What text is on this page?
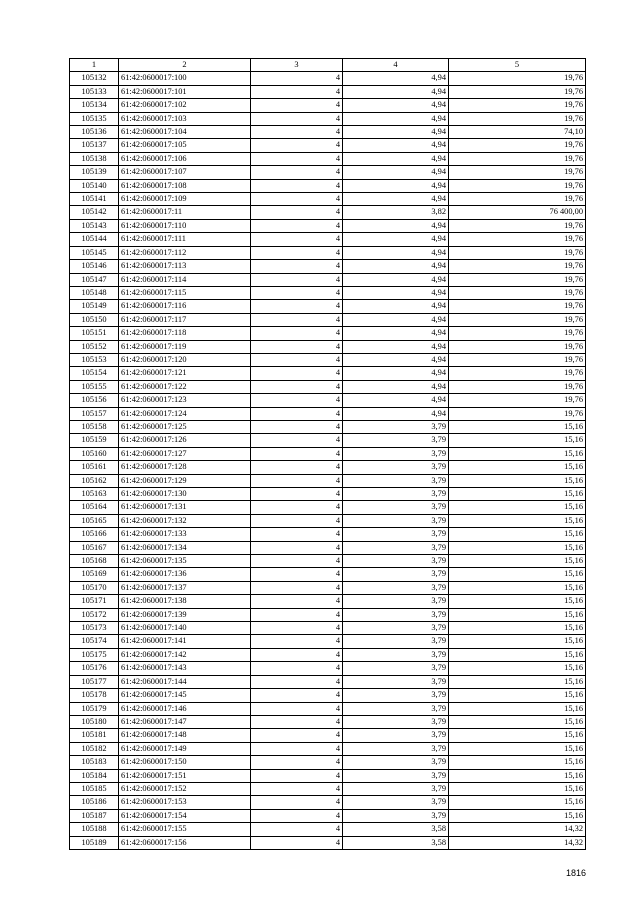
1	2	3	4	5
105132	61:42:0600017:100	4	4,94	19,76
105133	61:42:0600017:101	4	4,94	19,76
105134	61:42:0600017:102	4	4,94	19,76
105135	61:42:0600017:103	4	4,94	19,76
105136	61:42:0600017:104	4	4,94	74,10
105137	61:42:0600017:105	4	4,94	19,76
105138	61:42:0600017:106	4	4,94	19,76
105139	61:42:0600017:107	4	4,94	19,76
105140	61:42:0600017:108	4	4,94	19,76
105141	61:42:0600017:109	4	4,94	19,76
105142	61:42:0600017:11	4	3,82	76 400,00
105143	61:42:0600017:110	4	4,94	19,76
105144	61:42:0600017:111	4	4,94	19,76
105145	61:42:0600017:112	4	4,94	19,76
105146	61:42:0600017:113	4	4,94	19,76
105147	61:42:0600017:114	4	4,94	19,76
105148	61:42:0600017:115	4	4,94	19,76
105149	61:42:0600017:116	4	4,94	19,76
105150	61:42:0600017:117	4	4,94	19,76
105151	61:42:0600017:118	4	4,94	19,76
105152	61:42:0600017:119	4	4,94	19,76
105153	61:42:0600017:120	4	4,94	19,76
105154	61:42:0600017:121	4	4,94	19,76
105155	61:42:0600017:122	4	4,94	19,76
105156	61:42:0600017:123	4	4,94	19,76
105157	61:42:0600017:124	4	4,94	19,76
105158	61:42:0600017:125	4	3,79	15,16
105159	61:42:0600017:126	4	3,79	15,16
105160	61:42:0600017:127	4	3,79	15,16
105161	61:42:0600017:128	4	3,79	15,16
105162	61:42:0600017:129	4	3,79	15,16
105163	61:42:0600017:130	4	3,79	15,16
105164	61:42:0600017:131	4	3,79	15,16
105165	61:42:0600017:132	4	3,79	15,16
105166	61:42:0600017:133	4	3,79	15,16
105167	61:42:0600017:134	4	3,79	15,16
105168	61:42:0600017:135	4	3,79	15,16
105169	61:42:0600017:136	4	3,79	15,16
105170	61:42:0600017:137	4	3,79	15,16
105171	61:42:0600017:138	4	3,79	15,16
105172	61:42:0600017:139	4	3,79	15,16
105173	61:42:0600017:140	4	3,79	15,16
105174	61:42:0600017:141	4	3,79	15,16
105175	61:42:0600017:142	4	3,79	15,16
105176	61:42:0600017:143	4	3,79	15,16
105177	61:42:0600017:144	4	3,79	15,16
105178	61:42:0600017:145	4	3,79	15,16
105179	61:42:0600017:146	4	3,79	15,16
105180	61:42:0600017:147	4	3,79	15,16
105181	61:42:0600017:148	4	3,79	15,16
105182	61:42:0600017:149	4	3,79	15,16
105183	61:42:0600017:150	4	3,79	15,16
105184	61:42:0600017:151	4	3,79	15,16
105185	61:42:0600017:152	4	3,79	15,16
105186	61:42:0600017:153	4	3,79	15,16
105187	61:42:0600017:154	4	3,79	15,16
105188	61:42:0600017:155	4	3,58	14,32
105189	61:42:0600017:156	4	3,58	14,32
1816
